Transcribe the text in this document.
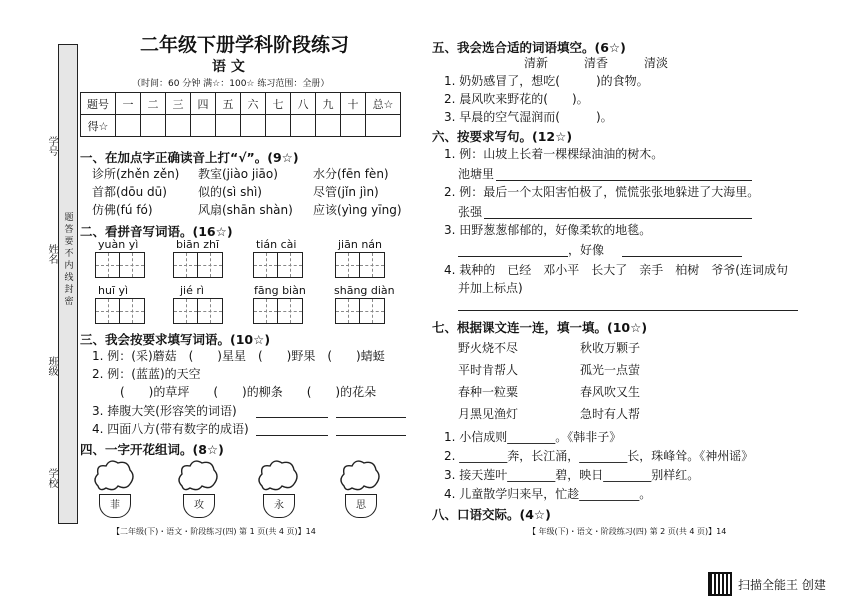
学号
姓名
班级
学校
题 答 要 不 内 线 封 密
二年级下册学科阶段练习
语 文
（时间：60 分钟 满☆：100☆ 练习范围：全册）
题号	一	二	三	四	五	六	七	八	九	十	总☆
得☆											
一、在加点字正确读音上打“√”。(9☆)
诊所(zhěn zěn) 教室(jiào jiāo)	水分(fēn fèn)
首都(dōu dū)	似的(sì shì)	尽管(jǐn jìn)
仿佛(fú fó)	风扇(shān shàn) 应该(yìng yīng)
二、看拼音写词语。(16☆)
yuàn yì	biān zhī	tián cài	jiān nán
huī yì	jié rì	fāng biàn	shāng diàn
三、我会按要求填写词语。(10☆)
1. 例：(采)蘑菇　(　　)星星　(　　)野果　(　　)蜻蜓
2. 例：(蓝蓝)的天空
(　　)的草坪　　(　　)的柳条　　(　　)的花朵
3. 捧腹大笑(形容笑的词语)
4. 四面八方(带有数字的成语)
四、一字开花组词。(8☆)
菲	攻	永	思
【二年级(下)・语文・阶段练习(四) 第 1 页(共 4 页)】14
五、我会选合适的词语填空。(6☆)
清新　　　清香　　　清淡
1. 奶奶感冒了，想吃(　　　)的食物。
2. 晨风吹来野花的(　　)。
3. 早晨的空气湿润而(　　　)。
六、按要求写句。(12☆)
1. 例：山坡上长着一棵棵绿油油的树木。
池塘里
2. 例：最后一个太阳害怕极了，慌慌张张地躲进了大海里。
张强
3. 田野葱葱郁郁的，好像柔软的地毯。
，好像
4. 栽种的　已经　邓小平　长大了　亲手　柏树　爷爷(连词成句
并加上标点)
七、根据课文连一连，填一填。(10☆)
野火烧不尽
平时肯帮人
春种一粒粟
月黑见渔灯
秋收万颗子
孤光一点萤
春风吹又生
急时有人帮
1. 小信成则________。《韩非子》
2. ________奔，长江涌，________长，珠峰耸。《神州谣》
3. 接天莲叶________碧，映日________别样红。
4. 儿童散学归来早，忙趁__________。
八、口语交际。(4☆)
【 年级(下)・语文・阶段练习(四) 第 2 页(共 4 页)】14
扫描全能王 创建
